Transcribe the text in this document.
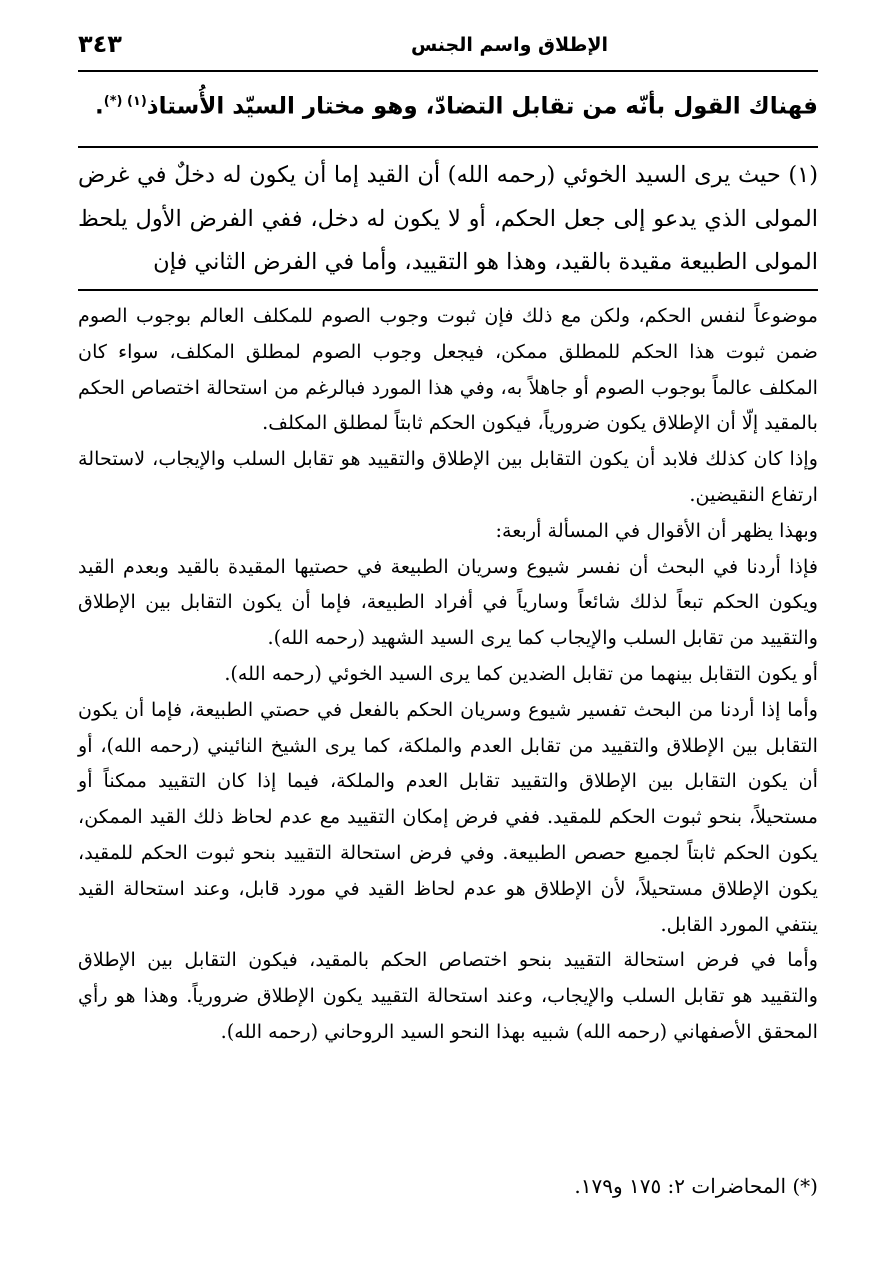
الإطلاق واسم الجنس
٣٤٣
فهناك القول بأنّه من تقابل التضادّ، وهو مختار السيّد الأُستاذ$^{(١) (*)}$.
(١) حيث يرى السيد الخوئي (رحمه الله) أن القيد إما أن يكون له دخلٌ في غرض المولى الذي يدعو إلى جعل الحكم، أو لا يكون له دخل، ففي الفرض الأول يلحظ المولى الطبيعة مقيدة بالقيد، وهذا هو التقييد، وأما في الفرض الثاني فإن

موضوعاً لنفس الحكم، ولكن مع ذلك فإن ثبوت وجوب الصوم للمكلف العالم بوجوب الصوم ضمن ثبوت هذا الحكم للمطلق ممكن، فيجعل وجوب الصوم لمطلق المكلف، سواء كان المكلف عالماً بوجوب الصوم أو جاهلاً به، وفي هذا المورد فبالرغم من استحالة اختصاص الحكم بالمقيد إلّا أن الإطلاق يكون ضرورياً، فيكون الحكم ثابتاً لمطلق المكلف.

وإذا كان كذلك فلابد أن يكون التقابل بين الإطلاق والتقييد هو تقابل السلب والإيجاب، لاستحالة ارتفاع النقيضين.

وبهذا يظهر أن الأقوال في المسألة أربعة:

فإذا أردنا في البحث أن نفسر شيوع وسريان الطبيعة في حصتيها المقيدة بالقيد وبعدم القيد ويكون الحكم تبعاً لذلك شائعاً وسارياً في أفراد الطبيعة، فإما أن يكون التقابل بين الإطلاق والتقييد من تقابل السلب والإيجاب كما يرى السيد الشهيد (رحمه الله).

أو يكون التقابل بينهما من تقابل الضدين كما يرى السيد الخوئي (رحمه الله).

وأما إذا أردنا من البحث تفسير شيوع وسريان الحكم بالفعل في حصتي الطبيعة، فإما أن يكون التقابل بين الإطلاق والتقييد من تقابل العدم والملكة، كما يرى الشيخ النائيني (رحمه الله)، أو أن يكون التقابل بين الإطلاق والتقييد تقابل العدم والملكة، فيما إذا كان التقييد ممكناً أو مستحيلاً، بنحو ثبوت الحكم للمقيد. ففي فرض إمكان التقييد مع عدم لحاظ ذلك القيد الممكن، يكون الحكم ثابتاً لجميع حصص الطبيعة. وفي فرض استحالة التقييد بنحو ثبوت الحكم للمقيد، يكون الإطلاق مستحيلاً، لأن الإطلاق هو عدم لحاظ القيد في مورد قابل، وعند استحالة القيد ينتفي المورد القابل.

وأما في فرض استحالة التقييد بنحو اختصاص الحكم بالمقيد، فيكون التقابل بين الإطلاق والتقييد هو تقابل السلب والإيجاب، وعند استحالة التقييد يكون الإطلاق ضرورياً. وهذا هو رأي المحقق الأصفهاني (رحمه الله) شبيه بهذا النحو السيد الروحاني (رحمه الله).

(*) المحاضرات ٢: ١٧٥ و١٧٩.
